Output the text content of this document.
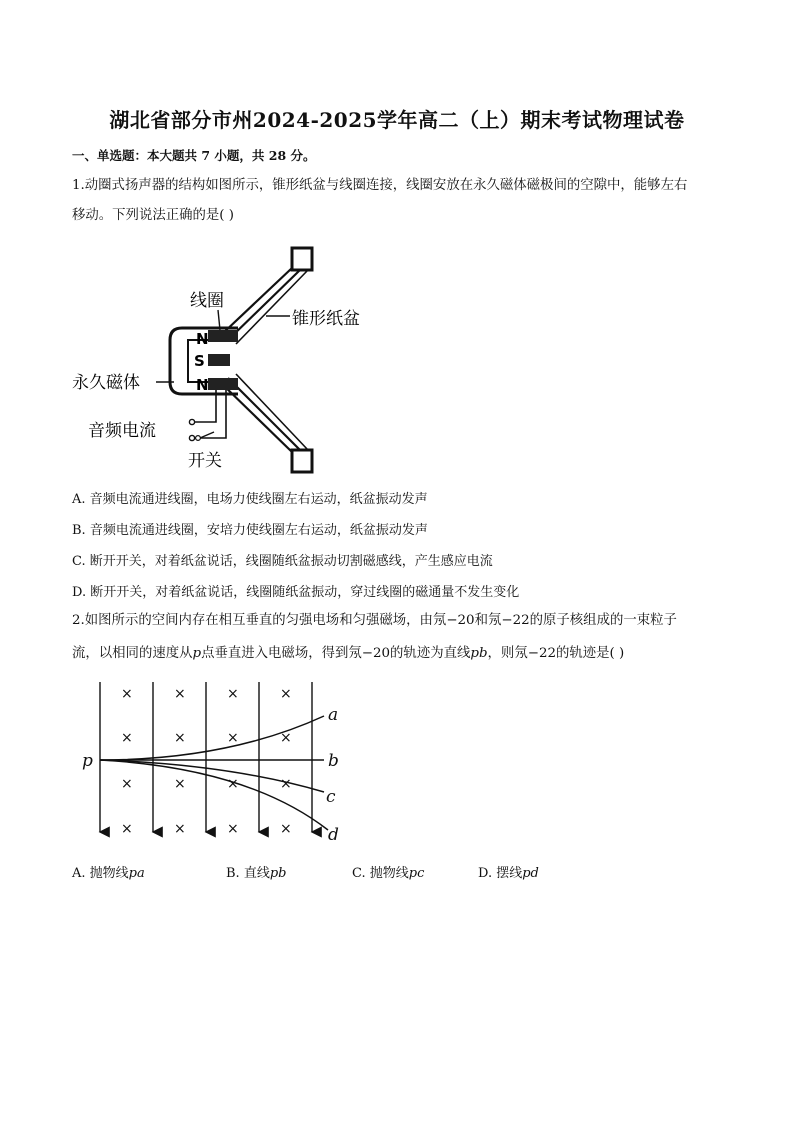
湖北省部分市州2024-2025学年高二（上）期末考试物理试卷
一、单选题：本大题共 7 小题，共 28 分。
1.动圈式扬声器的结构如图所示，锥形纸盆与线圈连接，线圈安放在永久磁体磁极间的空隙中，能够左右
移动。下列说法正确的是( )
N
S
N
线圈
锥形纸盆
永久磁体
音频电流
开关
A. 音频电流通进线圈，电场力使线圈左右运动，纸盆振动发声
B. 音频电流通进线圈，安培力使线圈左右运动，纸盆振动发声
C. 断开开关，对着纸盆说话，线圈随纸盆振动切割磁感线，产生感应电流
D. 断开开关，对着纸盆说话，线圈随纸盆振动，穿过线圈的磁通量不发生变化
2.如图所示的空间内存在相互垂直的匀强电场和匀强磁场，由氖−20和氖−22的原子核组成的一束粒子
流，以相同的速度从p点垂直进入电磁场，得到氖−20的轨迹为直线pb，则氖−22的轨迹是( )
×	×	×	×
×	×	×	×
×	×	×	×
×	×	×	×
p
a
b
c
d
A. 抛物线pa	B. 直线pb	C. 抛物线pc	D. 摆线pd
